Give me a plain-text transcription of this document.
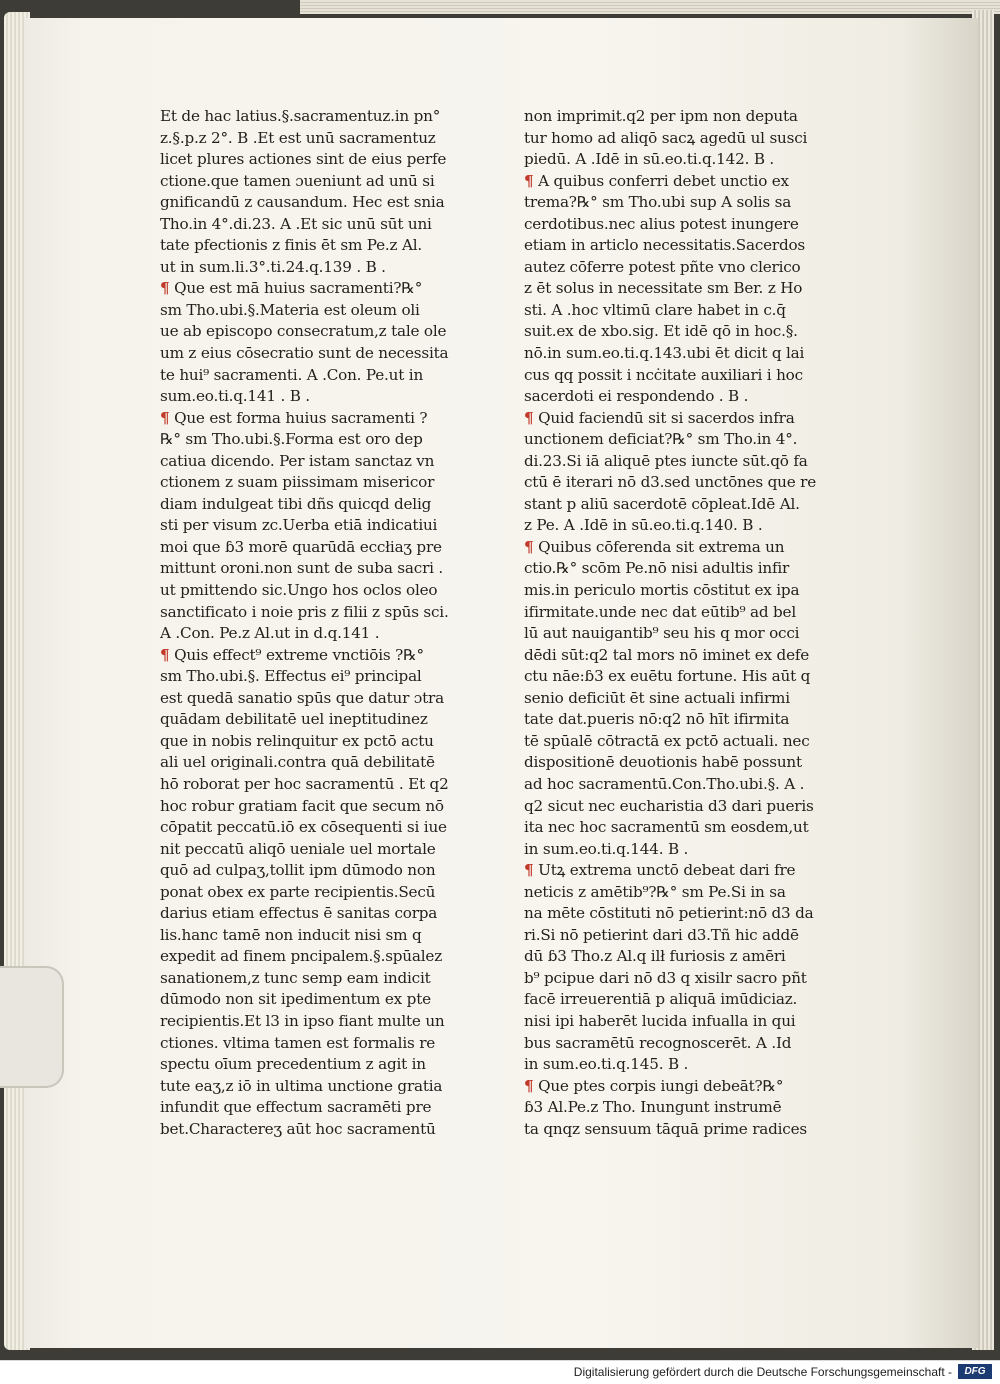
Et de hac latius.§.sacramentuz.in pn°
z.§.p.z 2°. B .Et est unū sacramentuz
licet plures actiones sint de eius perfe
ctione.que tamen ɔueniunt ad unū si
gnificandū z causandum. Hec est snia
Tho.in 4°.di.23. A .Et sic unū sūt uni
tate pfectionis z finis ēt sm Pe.z Al.
ut in sum.li.3°.ti.24.q.139 . B .
¶ Que est mā huius sacramenti?℞°
sm Tho.ubi.§.Materia est oleum oli
ue ab episcopo consecratum,z tale ole
um z eius cōsecratio sunt de necessita
te hui⁹ sacramenti. A .Con. Pe.ut in
sum.eo.ti.q.141 . B .
¶ Que est forma huius sacramenti ?
℞° sm Tho.ubi.§.Forma est oro dep
catiua dicendo. Per istam sanctaz vn
ctionem z suam piissimam misericor
diam indulgeat tibi dñs quicqd delig
sti per visum zc.Uerba etiā indicatiui
moi que ɓ3 morē quarūdā eccłiaʒ pre
mittunt oroni.non sunt de suba sacri .
ut pmittendo sic.Ungo hos oclos oleo
sanctificato i noie pris z filii z spūs sci.
A .Con. Pe.z Al.ut in d.q.141 .
¶ Quis effect⁹ extreme vnctiōis ?℞°
sm Tho.ubi.§. Effectus ei⁹ principal
est quedā sanatio spūs que datur ɔtra
quādam debilitatē uel ineptitudinez
que in nobis relinquitur ex pctō actu
ali uel originali.contra quā debilitatē
hō roborat per hoc sacramentū . Et q2
hoc robur gratiam facit que secum nō
cōpatit peccatū.iō ex cōsequenti si iue
nit peccatū aliqō ueniale uel mortale
quō ad culpaʒ,tollit ipm dūmodo non
ponat obex ex parte recipientis.Secū
darius etiam effectus ē sanitas corpa
lis.hanc tamē non inducit nisi sm q
expedit ad finem pncipalem.§.spūalez
sanationem,z tunc semp eam indicit
dūmodo non sit ipedimentum ex pte
recipientis.Et l3 in ipso fiant multe un
ctiones. vltima tamen est formalis re
spectu oīum precedentium z agit in
tute eaʒ,z iō in ultima unctione gratia
infundit que effectum sacramēti pre
bet.Charactereʒ aūt hoc sacramentū
non imprimit.q2 per ipm non deputa
tur homo ad aliqō sacꝝ agedū ul susci
piedū. A .Idē in sū.eo.ti.q.142. B .
¶ A quibus conferri debet unctio ex
trema?℞° sm Tho.ubi sup A solis sa
cerdotibus.nec alius potest inungere
etiam in articlo necessitatis.Sacerdos
autez cōferre potest pñte vno clerico
z ēt solus in necessitate sm Ber. z Ho
sti. A .hoc vltimū clare habet in c.q̄
suit.ex de xbo.sig. Et idē qō in hoc.§.
nō.in sum.eo.ti.q.143.ubi ēt dicit q lai
cus qq possit i ncċitate auxiliari i hoc
sacerdoti ei respondendo . B .
¶ Quid faciendū sit si sacerdos infra
unctionem deficiat?℞° sm Tho.in 4°.
di.23.Si iā aliquē ptes iuncte sūt.qō fa
ctū ē iterari nō d3.sed unctōnes que re
stant p aliū sacerdotē cōpleat.Idē Al.
z Pe. A .Idē in sū.eo.ti.q.140. B .
¶ Quibus cōferenda sit extrema un
ctio.℞° scōm Pe.nō nisi adultis infir
mis.in periculo mortis cōstitut ex ipa
ifirmitate.unde nec dat eūtib⁹ ad bel
lū aut nauigantib⁹ seu his q mor occi
dēdi sūt:q2 tal mors nō iminet ex defe
ctu nāe:ɓ3 ex euētu fortune. His aūt q
senio deficiūt ēt sine actuali infirmi
tate dat.pueris nō:q2 nō hīt ifirmita
tē spūalē cōtractā ex pctō actuali. nec
dispositionē deuotionis habē possunt
ad hoc sacramentū.Con.Tho.ubi.§. A .
q2 sicut nec eucharistia d3 dari pueris
ita nec hoc sacramentū sm eosdem,ut
in sum.eo.ti.q.144. B .
¶ Utꝝ extrema unctō debeat dari fre
neticis z amētib⁹?℞° sm Pe.Si in sa
na mēte cōstituti nō petierint:nō d3 da
ri.Si nō petierint dari d3.Tñ hic addē
dū ɓ3 Tho.z Al.q ilł furiosis z amēri
b⁹ pcipue dari nō d3 q xisilr sacro pñt
facē irreuerentiā p aliquā imūdiciaz.
nisi ipi haberēt lucida infualla in qui
bus sacramētū recognoscerēt. A .Id
in sum.eo.ti.q.145. B .
¶ Que ptes corpis iungi debeāt?℞°
ɓ3 Al.Pe.z Tho. Inungunt instrumē
ta qnqz sensuum tāquā prime radices
Digitalisierung gefördert durch die Deutsche Forschungsgemeinschaft -	DFG
